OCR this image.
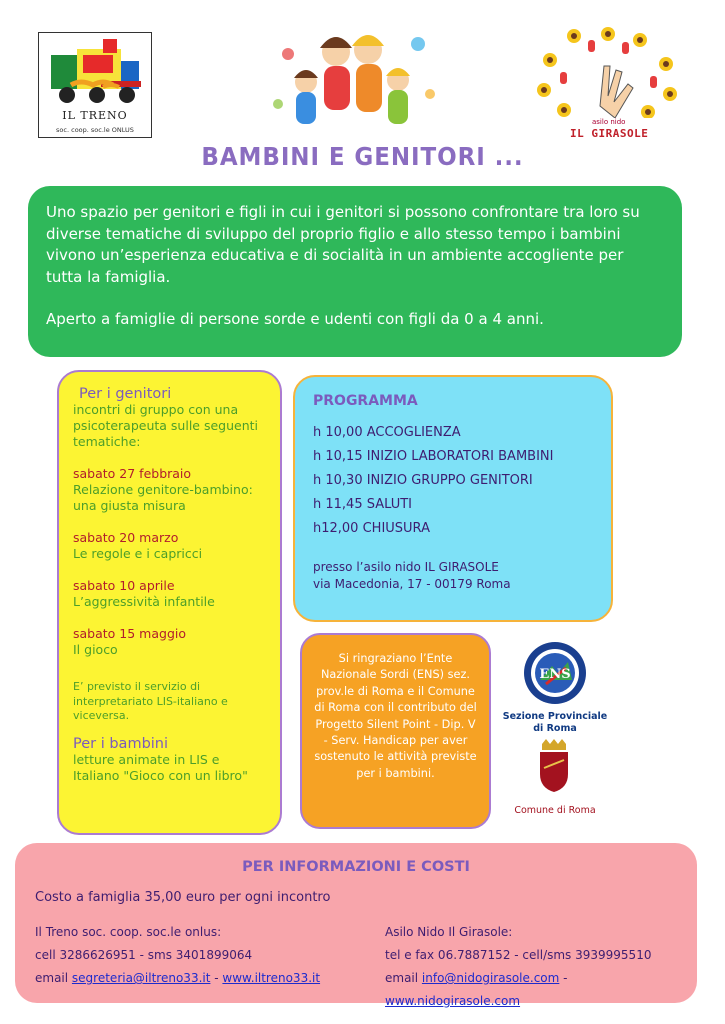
IL TRENO
soc. coop. soc.le ONLUS
asilo nido
IL GIRASOLE
BAMBINI E GENITORI ...

Uno spazio per genitori e figli in cui i genitori si possono confrontare tra loro su diverse tematiche di sviluppo del proprio figlio e allo stesso tempo i bambini vivono un’esperienza educativa e di socialità in un ambiente accogliente per tutta la famiglia.

Aperto a famiglie di persone sorde e udenti con figli da 0 a 4 anni.

Per i genitori
incontri di gruppo con una psicoterapeuta sulle seguenti tematiche:
sabato 27 febbraio
Relazione genitore-bambino: una giusta misura
sabato 20 marzo
Le regole e i capricci
sabato 10 aprile
L’aggressività infantile
sabato 15 maggio
Il gioco
E’ previsto il servizio di interpretariato LIS-italiano e viceversa.
Per i bambini
letture animate in LIS e Italiano "Gioco con un libro"
PROGRAMMA
h 10,00 ACCOGLIENZA
h 10,15 INIZIO LABORATORI BAMBINI
h 10,30 INIZIO GRUPPO GENITORI
h 11,45 SALUTI
h12,00 CHIUSURA
presso l’asilo nido IL GIRASOLE
via Macedonia, 17 - 00179 Roma
Si ringraziano l’Ente Nazionale Sordi (ENS) sez. prov.le di Roma e il Comune di Roma con il contributo del Progetto Silent Point - Dip. V - Serv. Handicap per aver sostenuto le attività previste per i bambini.
ENS
Sezione Provinciale di Roma
Comune di Roma
PER INFORMAZIONI E COSTI
Costo a famiglia 35,00 euro per ogni incontro
Il Treno soc. coop. soc.le onlus:
cell 3286626951 - sms 3401899064
email segreteria@iltreno33.it - www.iltreno33.it
Asilo Nido Il Girasole:
tel e fax 06.7887152 - cell/sms 3939995510
email info@nidogirasole.com - www.nidogirasole.com
